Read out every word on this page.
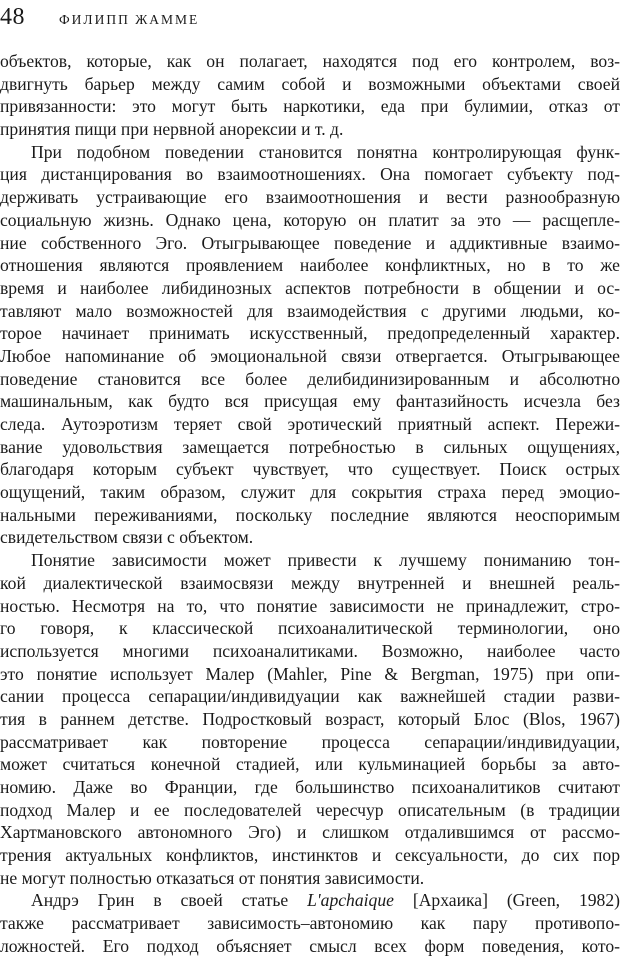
48	ФИЛИПП ЖАММЕ
объектов, которые, как он полагает, находятся под его контролем, воз-
двигнуть барьер между самим собой и возможными объектами своей
привязанности: это могут быть наркотики, еда при булимии, отказ от
принятия пищи при нервной анорексии и т. д.
При подобном поведении становится понятна контролирующая функ-
ция дистанцирования во взаимоотношениях. Она помогает субъекту под-
держивать устраивающие его взаимоотношения и вести разнообразную
социальную жизнь. Однако цена, которую он платит за это — расщепле-
ние собственного Эго. Отыгрывающее поведение и аддиктивные взаимо-
отношения являются проявлением наиболее конфликтных, но в то же
время и наиболее либидинозных аспектов потребности в общении и ос-
тавляют мало возможностей для взаимодействия с другими людьми, ко-
торое начинает принимать искусственный, предопределенный характер.
Любое напоминание об эмоциональной связи отвергается. Отыгрывающее
поведение становится все более делибидинизированным и абсолютно
машинальным, как будто вся присущая ему фантазийность исчезла без
следа. Аутоэротизм теряет свой эротический приятный аспект. Пережи-
вание удовольствия замещается потребностью в сильных ощущениях,
благодаря которым субъект чувствует, что существует. Поиск острых
ощущений, таким образом, служит для сокрытия страха перед эмоцио-
нальными переживаниями, поскольку последние являются неоспоримым
свидетельством связи с объектом.
Понятие зависимости может привести к лучшему пониманию тон-
кой диалектической взаимосвязи между внутренней и внешней реаль-
ностью. Несмотря на то, что понятие зависимости не принадлежит, стро-
го говоря, к классической психоаналитической терминологии, оно
используется многими психоаналитиками. Возможно, наиболее часто
это понятие использует Малер (Mahler, Pine & Bergman, 1975) при опи-
сании процесса сепарации/индивидуации как важнейшей стадии разви-
тия в раннем детстве. Подростковый возраст, который Блос (Blos, 1967)
рассматривает как повторение процесса сепарации/индивидуации,
может считаться конечной стадией, или кульминацией борьбы за авто-
номию. Даже во Франции, где большинство психоаналитиков считают
подход Малер и ее последователей чересчур описательным (в традиции
Хартмановского автономного Эго) и слишком отдалившимся от рассмо-
трения актуальных конфликтов, инстинктов и сексуальности, до сих пор
не могут полностью отказаться от понятия зависимости.
Андрэ Грин в своей статье L'apchaique [Архаика] (Green, 1982)
также рассматривает зависимость–автономию как пару противопо-
ложностей. Его подход объясняет смысл всех форм поведения, кото-
